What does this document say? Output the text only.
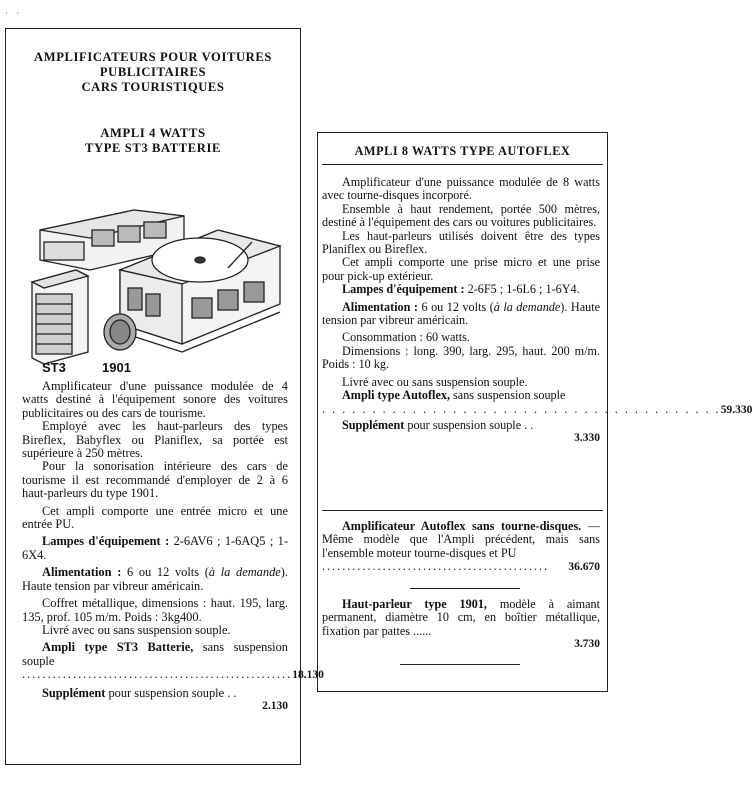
· ·
AMPLIFICATEURS POUR VOITURES
PUBLICITAIRES
CARS TOURISTIQUES
AMPLI 4 WATTS
TYPE ST3 BATTERIE
ST3	1901

Amplificateur d'une puissance modulée de 4 watts destiné à l'équipement sonore des voitures publicitaires ou des cars de tourisme.

Employé avec les haut-parleurs des types Bireflex, Babyflex ou Planiflex, sa portée est supérieure à 250 mètres.

Pour la sonorisation intérieure des cars de tourisme il est recommandé d'employer de 2 à 6 haut-parleurs du type 1901.

Cet ampli comporte une entrée micro et une entrée PU.

Lampes d'équipement : 2-6AV6 ; 1-6AQ5 ; 1-6X4.

Alimentation : 6 ou 12 volts (à la demande). Haute tension par vibreur américain.

Coffret métallique, dimensions : haut. 195, larg. 135, prof. 105 m/m. Poids : 3kg400.

Livré avec ou sans suspension souple.

Ampli type ST3 Batterie, sans suspension souple

..................................................... 18.130

Supplément pour suspension souple . .

2.130
AMPLI 8 WATTS TYPE AUTOFLEX

Amplificateur d'une puissance modulée de 8 watts avec tourne-disques incorporé.

Ensemble à haut rendement, portée 500 mètres, destiné à l'équipement des cars ou voitures publicitaires.

Les haut-parleurs utilisés doivent être des types Planiflex ou Bireflex.

Cet ampli comporte une prise micro et une prise pour pick-up extérieur.

Lampes d'équipement : 2-6F5 ; 1-6L6 ; 1-6Y4.

Alimentation : 6 ou 12 volts (à la demande). Haute tension par vibreur américain.

Consommation : 60 watts.

Dimensions : long. 390, larg. 295, haut. 200 m/m. Poids : 10 kg.

Livré avec ou sans suspension souple.

Ampli type Autoflex, sans suspension souple

. . . . . . . . . . . . . . . . . . . . . . . . . . . . . . . . . . . . . . . . 59.330

Supplément pour suspension souple . .

3.330

Amplificateur Autoflex sans tourne-disques. — Même modèle que l'Ampli précédent, mais sans l'ensemble moteur tourne-disques et PU

.............................................	36.670

Haut-parleur type 1901, modèle à aimant permanent, diamètre 10 cm, en boîtier métallique, fixation par pattes ......

3.730
